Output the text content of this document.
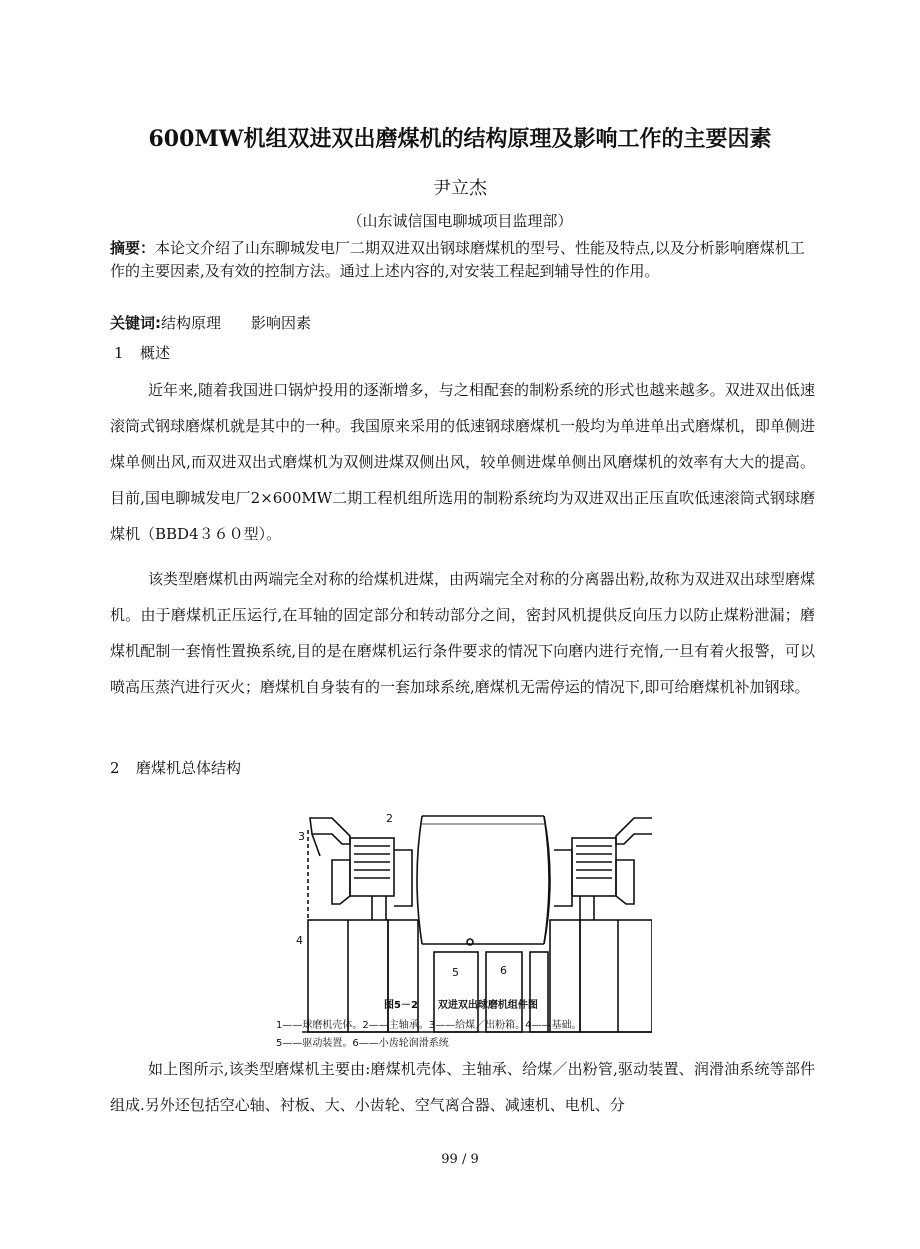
600MW机组双进双出磨煤机的结构原理及影响工作的主要因素
尹立杰
（山东诚信国电聊城项目监理部）
摘要：本论文介绍了山东聊城发电厂二期双进双出钢球磨煤机的型号、性能及特点,以及分析影响磨煤机工作的主要因素,及有效的控制方法。通过上述内容的,对安装工程起到辅导性的作用。
关键词:结构原理 影响因素
1 概述
近年来,随着我国进口锅炉投用的逐渐增多，与之相配套的制粉系统的形式也越来越多。双进双出低速滚筒式钢球磨煤机就是其中的一种。我国原来采用的低速钢球磨煤机一般均为单进单出式磨煤机，即单侧进煤单侧出风,而双进双出式磨煤机为双侧进煤双侧出风，较单侧进煤单侧出风磨煤机的效率有大大的提高。目前,国电聊城发电厂2×600MW二期工程机组所选用的制粉系统均为双进双出正压直吹低速滚筒式钢球磨煤机（BBD4３６０型）。
该类型磨煤机由两端完全对称的给煤机进煤，由两端完全对称的分离器出粉,故称为双进双出球型磨煤机。由于磨煤机正压运行,在耳轴的固定部分和转动部分之间，密封风机提供反向压力以防止煤粉泄漏；磨煤机配制一套惰性置换系统,目的是在磨煤机运行条件要求的情况下向磨内进行充惰,一旦有着火报警，可以喷高压蒸汽进行灭火；磨煤机自身装有的一套加球系统,磨煤机无需停运的情况下,即可给磨煤机补加钢球。
2 磨煤机总体结构
2
3
4
5	6
图5－2　　双进双出球磨机组件图
1——球磨机壳体。2——主轴承。3——给煤／出粉箱。4——基础。
5——驱动装置。6——小齿轮润滑系统
如上图所示,该类型磨煤机主要由:磨煤机壳体、主轴承、给煤／出粉管,驱动装置、润滑油系统等部件组成.另外还包括空心轴、衬板、大、小齿轮、空气离合器、减速机、电机、分
99 / 9
